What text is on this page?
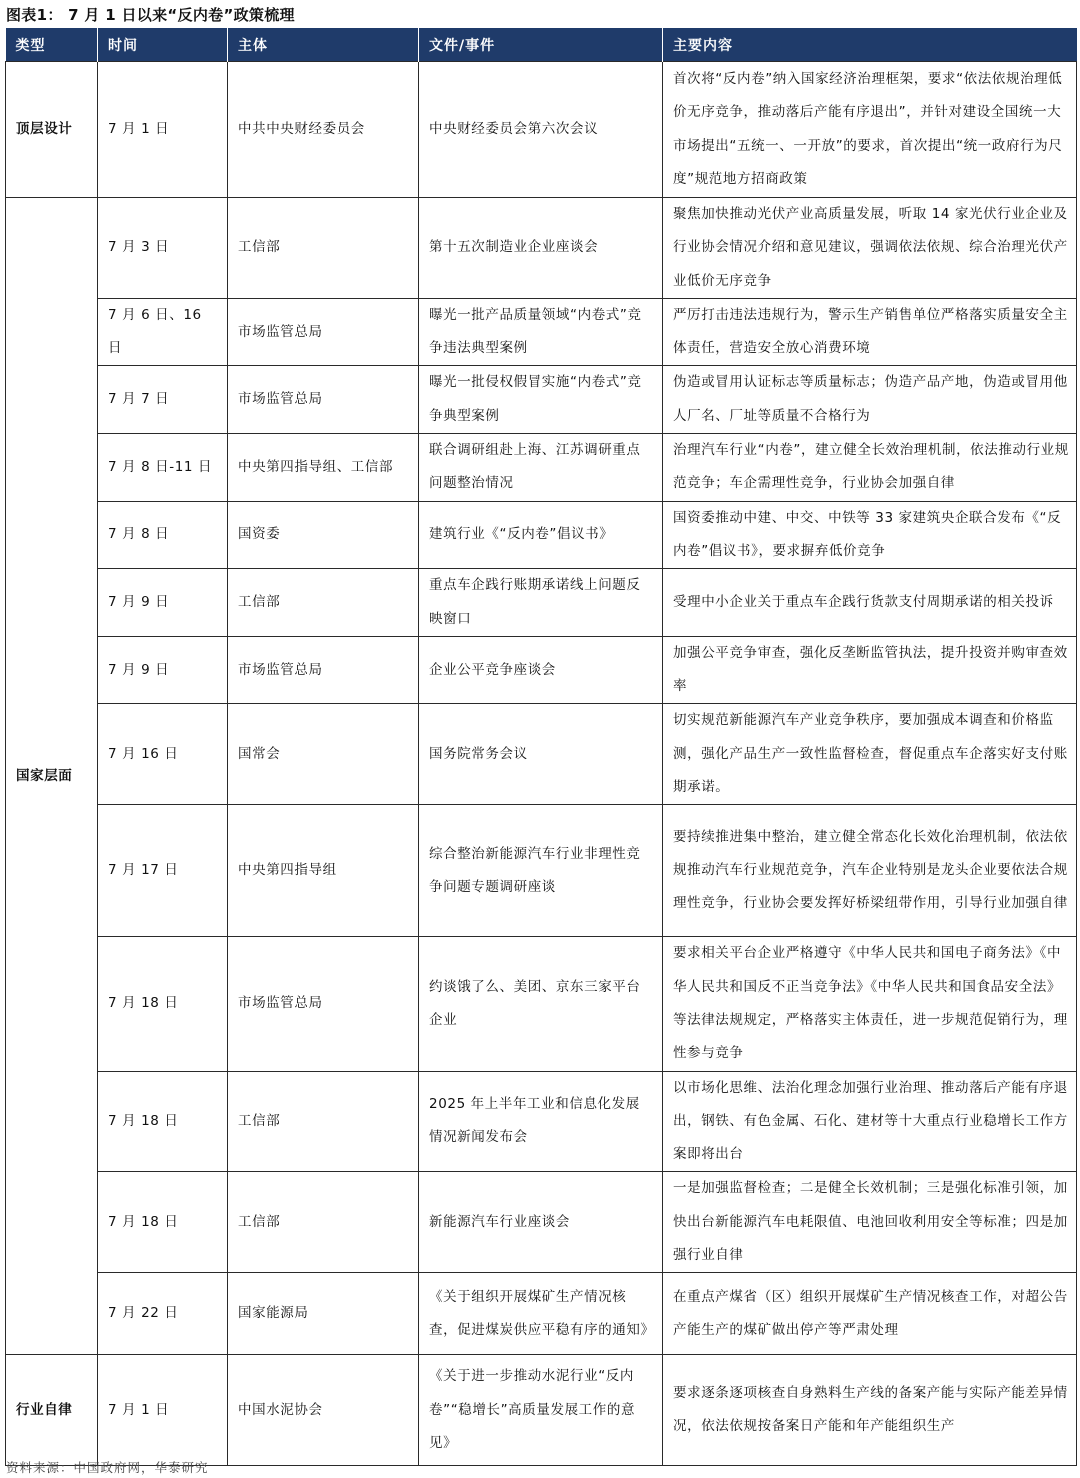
图表1： 7 月 1 日以来“反内卷”政策梳理
类型	时间	主体	文件/事件	主要内容
顶层设计	7 月 1 日	中共中央财经委员会	中央财经委员会第六次会议	首次将“反内卷”纳入国家经济治理框架，要求“依法依规治理低价无序竞争，推动落后产能有序退出”，并针对建设全国统一大市场提出“五统一、一开放”的要求，首次提出“统一政府行为尺度”规范地方招商政策
国家层面	7 月 3 日	工信部	第十五次制造业企业座谈会	聚焦加快推动光伏产业高质量发展，听取 14 家光伏行业企业及行业协会情况介绍和意见建议，强调依法依规、综合治理光伏产业低价无序竞争
	7 月 6 日、16 日	市场监管总局	曝光一批产品质量领域“内卷式”竞争违法典型案例	严厉打击违法违规行为，警示生产销售单位严格落实质量安全主体责任，营造安全放心消费环境
	7 月 7 日	市场监管总局	曝光一批侵权假冒实施“内卷式”竞争典型案例	伪造或冒用认证标志等质量标志；伪造产品产地，伪造或冒用他人厂名、厂址等质量不合格行为
	7 月 8 日-11 日	中央第四指导组、工信部	联合调研组赴上海、江苏调研重点问题整治情况	治理汽车行业“内卷”，建立健全长效治理机制，依法推动行业规范竞争；车企需理性竞争，行业协会加强自律
	7 月 8 日	国资委	建筑行业《“反内卷”倡议书》	国资委推动中建、中交、中铁等 33 家建筑央企联合发布《“反内卷”倡议书》，要求摒弃低价竞争
	7 月 9 日	工信部	重点车企践行账期承诺线上问题反映窗口	受理中小企业关于重点车企践行货款支付周期承诺的相关投诉
	7 月 9 日	市场监管总局	企业公平竞争座谈会	加强公平竞争审查，强化反垄断监管执法，提升投资并购审查效率
	7 月 16 日	国常会	国务院常务会议	切实规范新能源汽车产业竞争秩序，要加强成本调查和价格监测，强化产品生产一致性监督检查，督促重点车企落实好支付账期承诺。
	7 月 17 日	中央第四指导组	综合整治新能源汽车行业非理性竞争问题专题调研座谈	要持续推进集中整治，建立健全常态化长效化治理机制，依法依规推动汽车行业规范竞争，汽车企业特别是龙头企业要依法合规理性竞争，行业协会要发挥好桥梁纽带作用，引导行业加强自律
	7 月 18 日	市场监管总局	约谈饿了么、美团、京东三家平台企业	要求相关平台企业严格遵守《中华人民共和国电子商务法》《中华人民共和国反不正当竞争法》《中华人民共和国食品安全法》等法律法规规定，严格落实主体责任，进一步规范促销行为，理性参与竞争
	7 月 18 日	工信部	2025 年上半年工业和信息化发展情况新闻发布会	以市场化思维、法治化理念加强行业治理、推动落后产能有序退出，钢铁、有色金属、石化、建材等十大重点行业稳增长工作方案即将出台
	7 月 18 日	工信部	新能源汽车行业座谈会	一是加强监督检查；二是健全长效机制；三是强化标准引领，加快出台新能源汽车电耗限值、电池回收利用安全等标准；四是加强行业自律
	7 月 22 日	国家能源局	《关于组织开展煤矿生产情况核查，促进煤炭供应平稳有序的通知》	在重点产煤省（区）组织开展煤矿生产情况核查工作，对超公告产能生产的煤矿做出停产等严肃处理
行业自律	7 月 1 日	中国水泥协会	《关于进一步推动水泥行业“反内卷”“稳增长”高质量发展工作的意见》	要求逐条逐项核查自身熟料生产线的备案产能与实际产能差异情况，依法依规按备案日产能和年产能组织生产
资料来源：中国政府网，华泰研究
